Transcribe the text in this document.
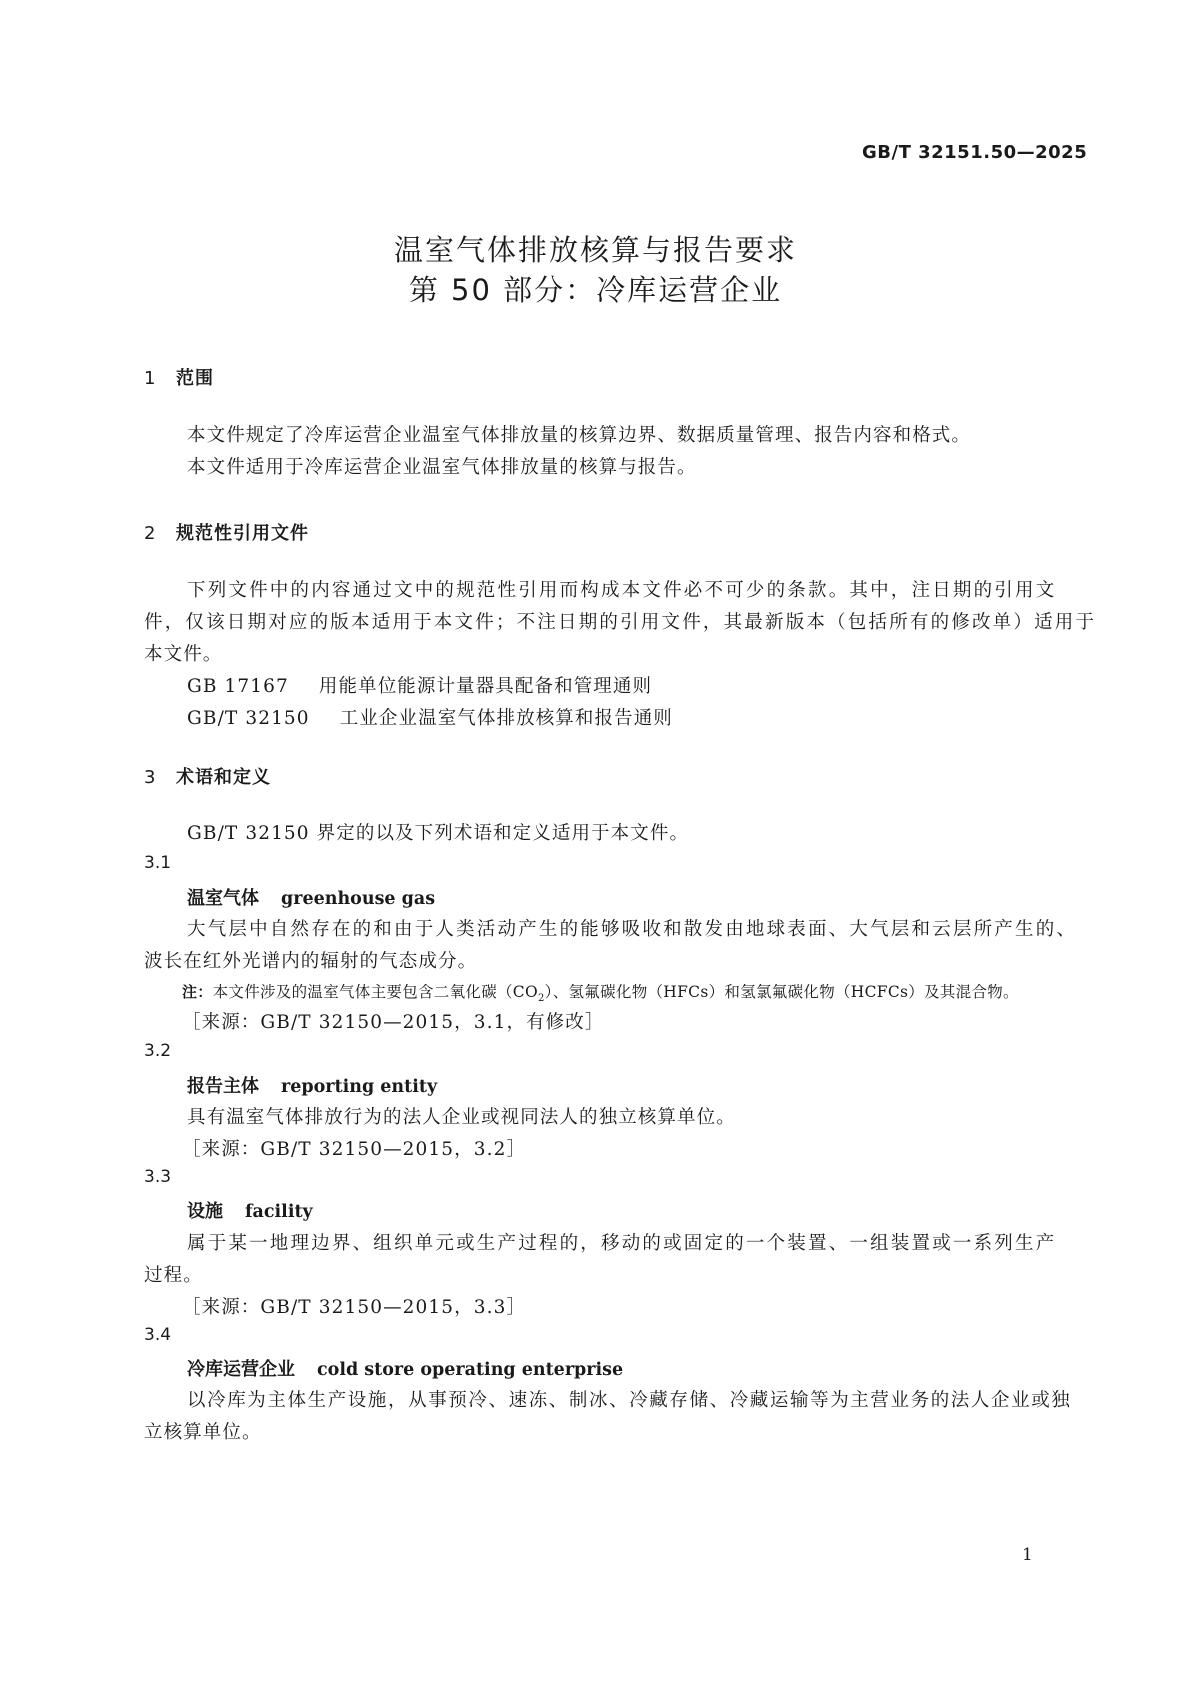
GB/T 32151.50—2025
温室气体排放核算与报告要求
第 50 部分：冷库运营企业
1 范围
本文件规定了冷库运营企业温室气体排放量的核算边界、数据质量管理、报告内容和格式。
本文件适用于冷库运营企业温室气体排放量的核算与报告。
2 规范性引用文件
下列文件中的内容通过文中的规范性引用而构成本文件必不可少的条款。其中，注日期的引用文
件，仅该日期对应的版本适用于本文件；不注日期的引用文件，其最新版本（包括所有的修改单）适用于
本文件。
GB 17167 用能单位能源计量器具配备和管理通则
GB/T 32150 工业企业温室气体排放核算和报告通则
3 术语和定义
GB/T 32150 界定的以及下列术语和定义适用于本文件。
3.1
温室气体 greenhouse gas
大气层中自然存在的和由于人类活动产生的能够吸收和散发由地球表面、大气层和云层所产生的、
波长在红外光谱内的辐射的气态成分。
注：本文件涉及的温室气体主要包含二氧化碳$(CO_2)$、氢氟碳化物（HFCs）和氢氯氟碳化物（HCFCs）及其混合物。
［来源：GB/T 32150—2015，3.1，有修改］
3.2
报告主体 reporting entity
具有温室气体排放行为的法人企业或视同法人的独立核算单位。
［来源：GB/T 32150—2015，3.2］
3.3
设施 facility
属于某一地理边界、组织单元或生产过程的，移动的或固定的一个装置、一组装置或一系列生产
过程。
［来源：GB/T 32150—2015，3.3］
3.4
冷库运营企业 cold store operating enterprise
以冷库为主体生产设施，从事预冷、速冻、制冰、冷藏存储、冷藏运输等为主营业务的法人企业或独
立核算单位。
1
